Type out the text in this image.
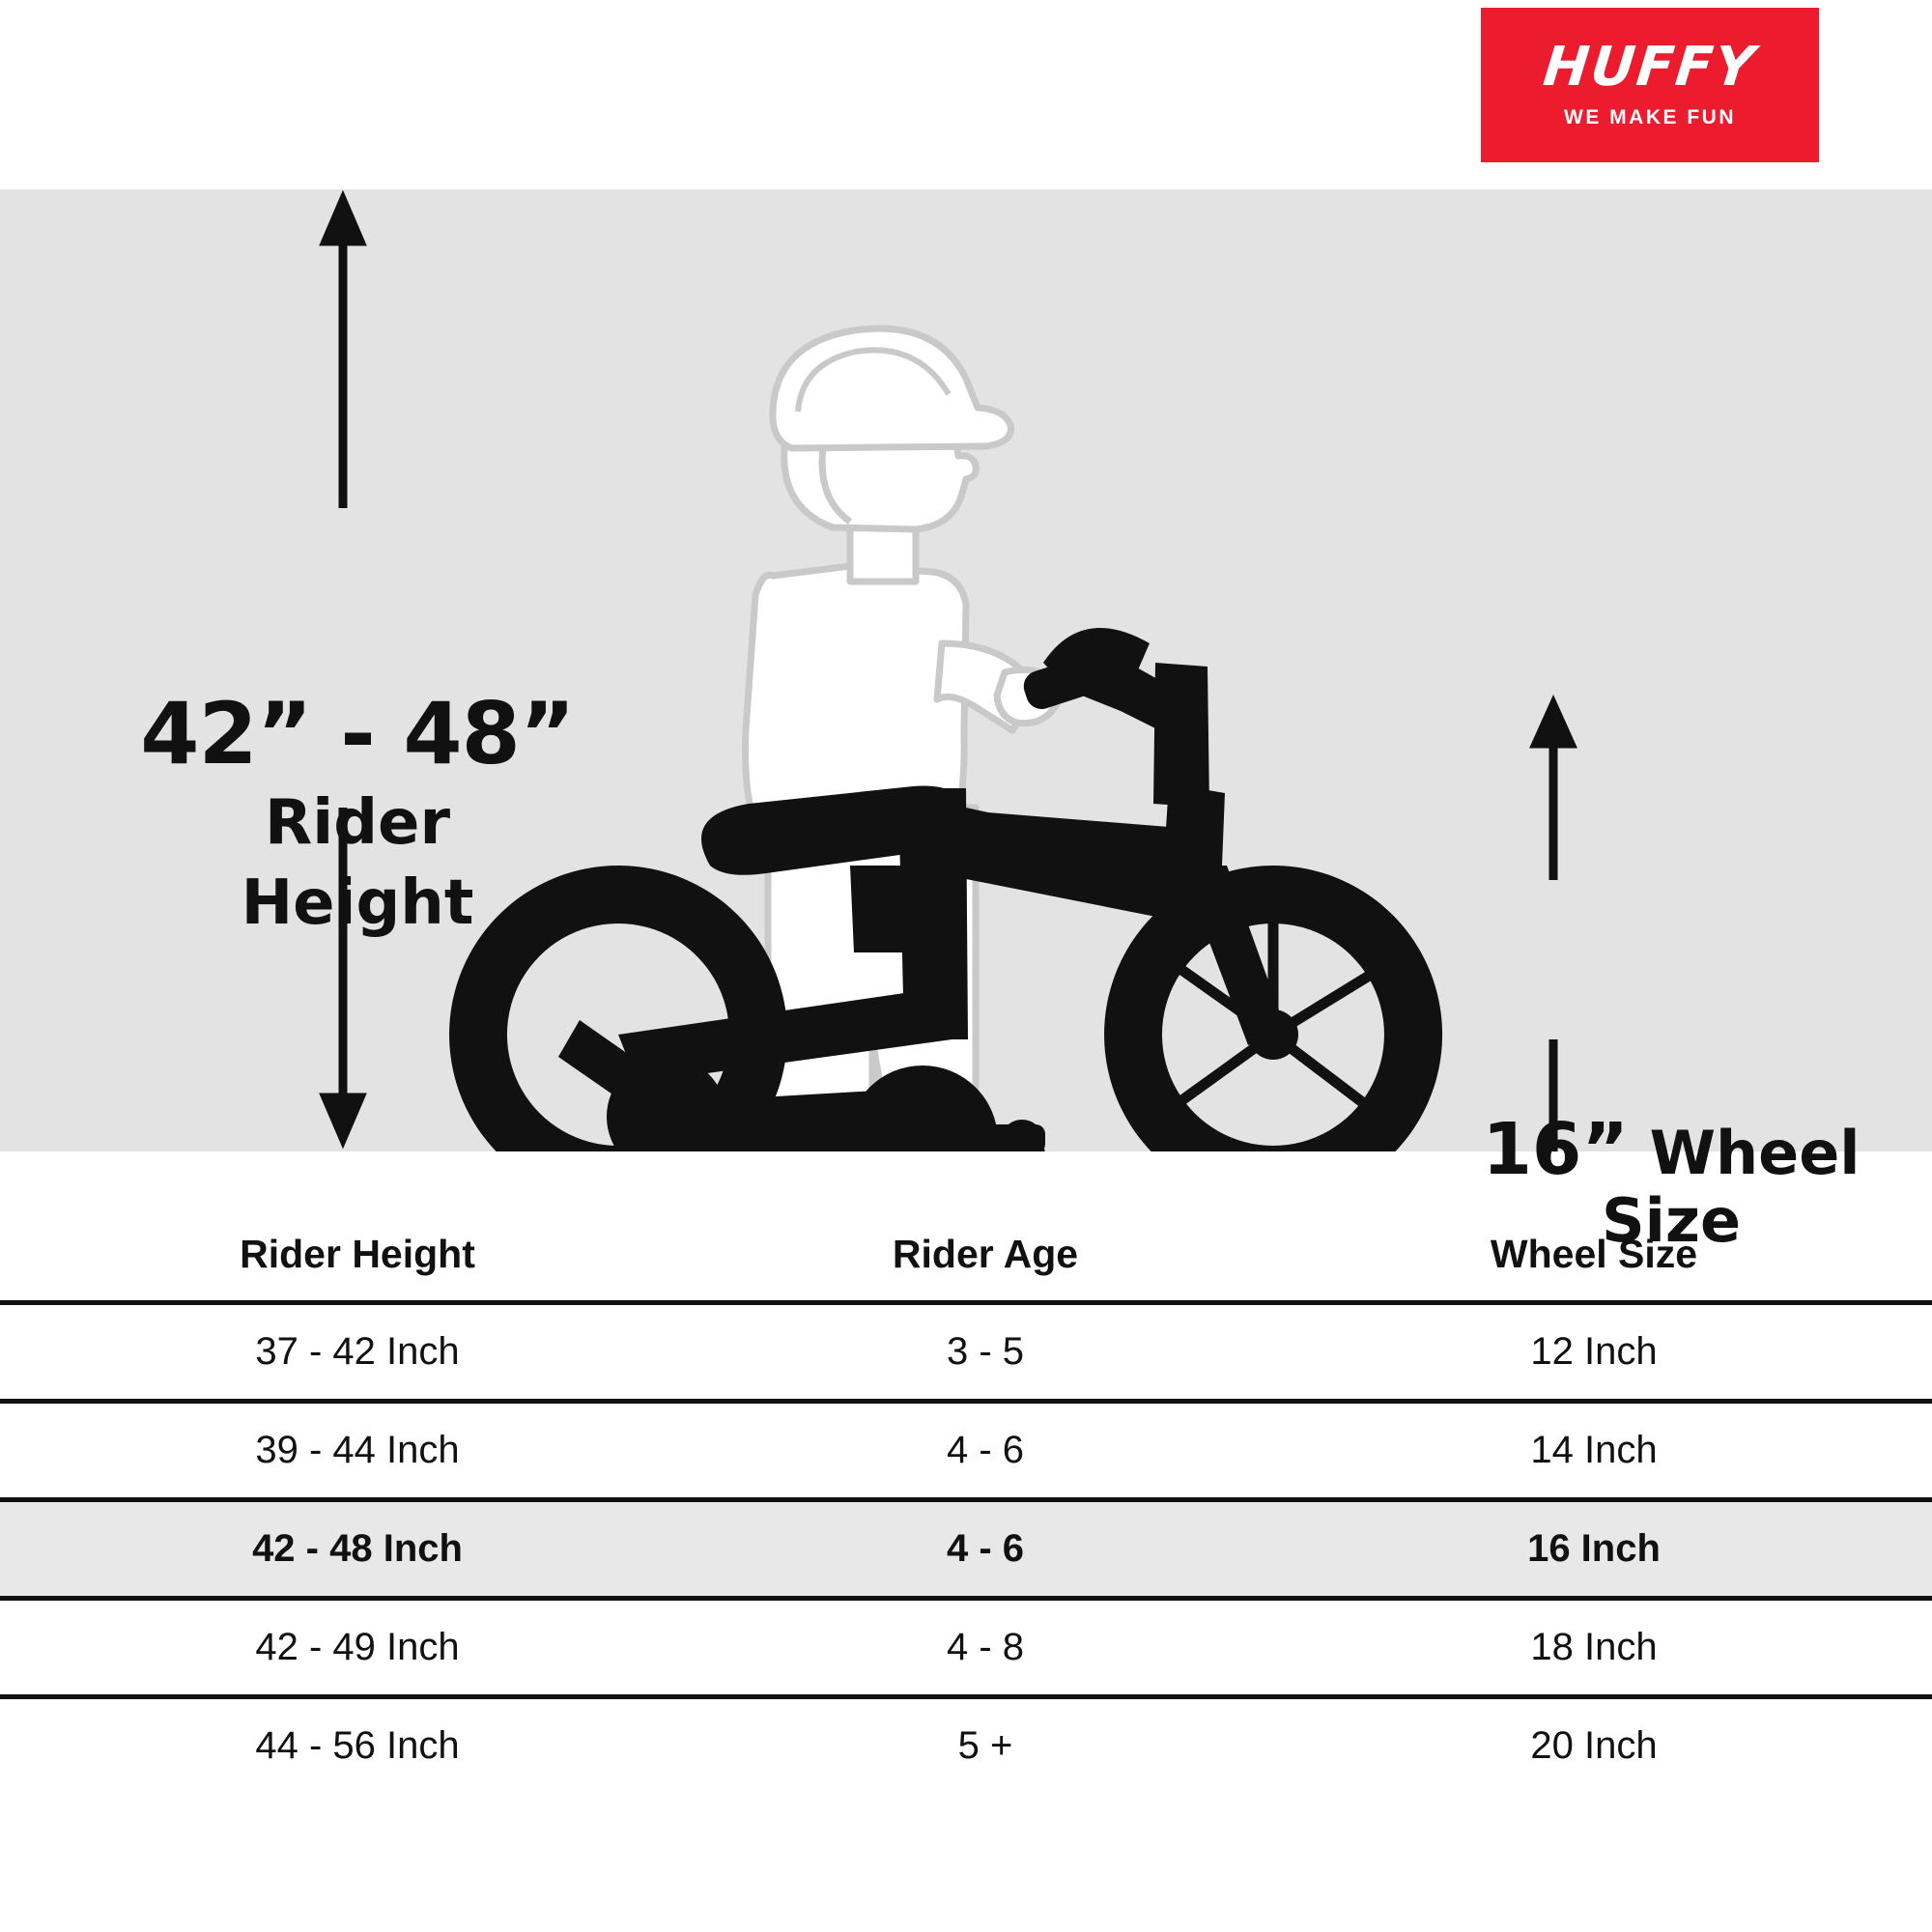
HUFFY
WE MAKE FUN
42” - 48”
Rider
Height
16” Wheel
Size
Rider Height	Rider Age	Wheel Size
37 - 42 Inch	3 - 5	12 Inch
39 - 44 Inch	4 - 6	14 Inch
42 - 48 Inch	4 - 6	16 Inch
42 - 49 Inch	4 - 8	18 Inch
44 - 56 Inch	5 +	20 Inch
